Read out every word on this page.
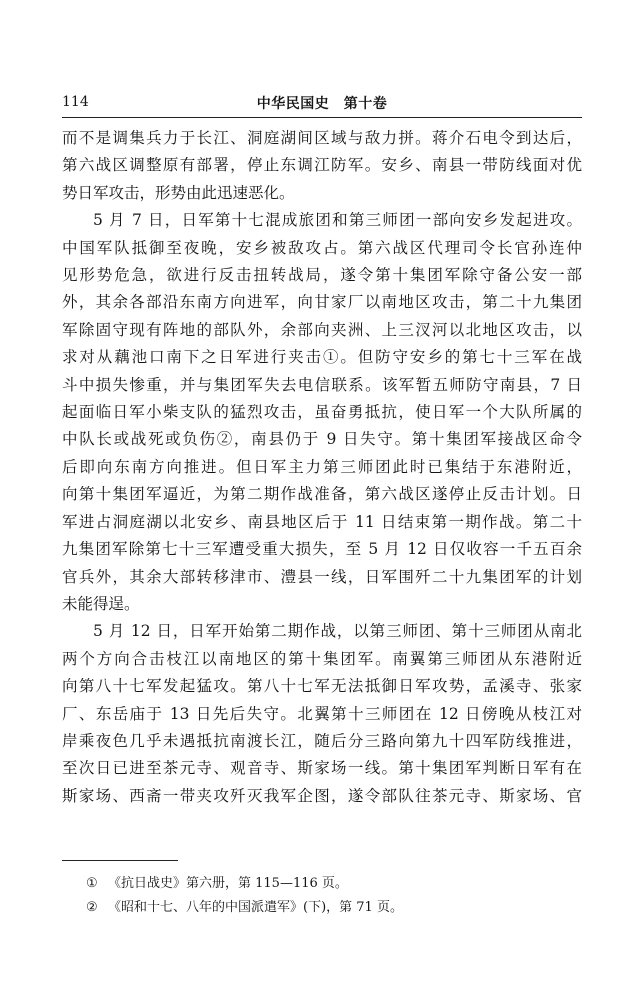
114	中华民国史　第十卷

而不是调集兵力于长江、洞庭湖间区域与敌力拼。蒋介石电令到达后，
第六战区调整原有部署，停止东调江防军。安乡、南县一带防线面对优
势日军攻击，形势由此迅速恶化。

5 月 7 日，日军第十七混成旅团和第三师团一部向安乡发起进攻。
中国军队抵御至夜晚，安乡被敌攻占。第六战区代理司令长官孙连仲
见形势危急，欲进行反击扭转战局，遂令第十集团军除守备公安一部
外，其余各部沿东南方向进军，向甘家厂以南地区攻击，第二十九集团
军除固守现有阵地的部队外，余部向夹洲、上三汊河以北地区攻击，以
求对从藕池口南下之日军进行夹击①。但防守安乡的第七十三军在战
斗中损失惨重，并与集团军失去电信联系。该军暂五师防守南县，7 日
起面临日军小柴支队的猛烈攻击，虽奋勇抵抗，使日军一个大队所属的
中队长或战死或负伤②，南县仍于 9 日失守。第十集团军接战区命令
后即向东南方向推进。但日军主力第三师团此时已集结于东港附近，
向第十集团军逼近，为第二期作战准备，第六战区遂停止反击计划。日
军进占洞庭湖以北安乡、南县地区后于 11 日结束第一期作战。第二十
九集团军除第七十三军遭受重大损失，至 5 月 12 日仅收容一千五百余
官兵外，其余大部转移津市、澧县一线，日军围歼二十九集团军的计划
未能得逞。

5 月 12 日，日军开始第二期作战，以第三师团、第十三师团从南北
两个方向合击枝江以南地区的第十集团军。南翼第三师团从东港附近
向第八十七军发起猛攻。第八十七军无法抵御日军攻势，孟溪寺、张家
厂、东岳庙于 13 日先后失守。北翼第十三师团在 12 日傍晚从枝江对
岸乘夜色几乎未遇抵抗南渡长江，随后分三路向第九十四军防线推进，
至次日已进至茶元寺、观音寺、斯家场一线。第十集团军判断日军有在
斯家场、西斋一带夹攻歼灭我军企图，遂令部队往茶元寺、斯家场、官

① 《抗日战史》第六册，第 115—116 页。
② 《昭和十七、八年的中国派遣军》(下)，第 71 页。
